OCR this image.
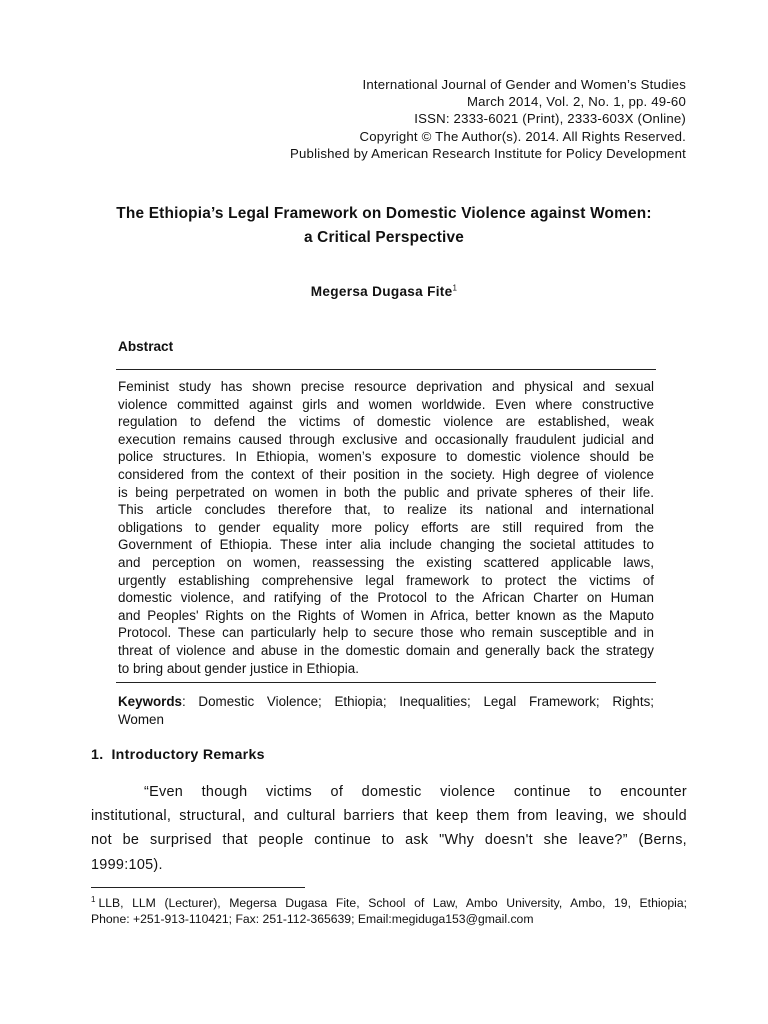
International Journal of Gender and Women’s Studies
March 2014, Vol. 2, No. 1, pp. 49-60
ISSN: 2333-6021 (Print), 2333-603X (Online)
Copyright © The Author(s). 2014. All Rights Reserved.
Published by American Research Institute for Policy Development
The Ethiopia’s Legal Framework on Domestic Violence against Women:
a Critical Perspective
Megersa Dugasa Fite$^1$
Abstract
Feminist study has shown precise resource deprivation and physical and sexual
violence committed against girls and women worldwide. Even where constructive
regulation to defend the victims of domestic violence are established, weak
execution remains caused through exclusive and occasionally fraudulent judicial and
police structures. In Ethiopia, women’s exposure to domestic violence should be
considered from the context of their position in the society. High degree of violence
is being perpetrated on women in both the public and private spheres of their life.
This article concludes therefore that, to realize its national and international
obligations to gender equality more policy efforts are still required from the
Government of Ethiopia. These inter alia include changing the societal attitudes to
and perception on women, reassessing the existing scattered applicable laws,
urgently establishing comprehensive legal framework to protect the victims of
domestic violence, and ratifying of the Protocol to the African Charter on Human
and Peoples' Rights on the Rights of Women in Africa, better known as the Maputo
Protocol. These can particularly help to secure those who remain susceptible and in
threat of violence and abuse in the domestic domain and generally back the strategy
to bring about gender justice in Ethiopia.
Keywords: Domestic Violence; Ethiopia; Inequalities; Legal Framework; Rights;
Women
1. Introductory Remarks
“Even though victims of domestic violence continue to encounter
institutional, structural, and cultural barriers that keep them from leaving, we should
not be surprised that people continue to ask "Why doesn't she leave?” (Berns,
1999:105).
$^1$ LLB, LLM (Lecturer), Megersa Dugasa Fite, School of Law, Ambo University, Ambo, 19, Ethiopia;
Phone: +251-913-110421; Fax: 251-112-365639; Email:megiduga153@gmail.com
